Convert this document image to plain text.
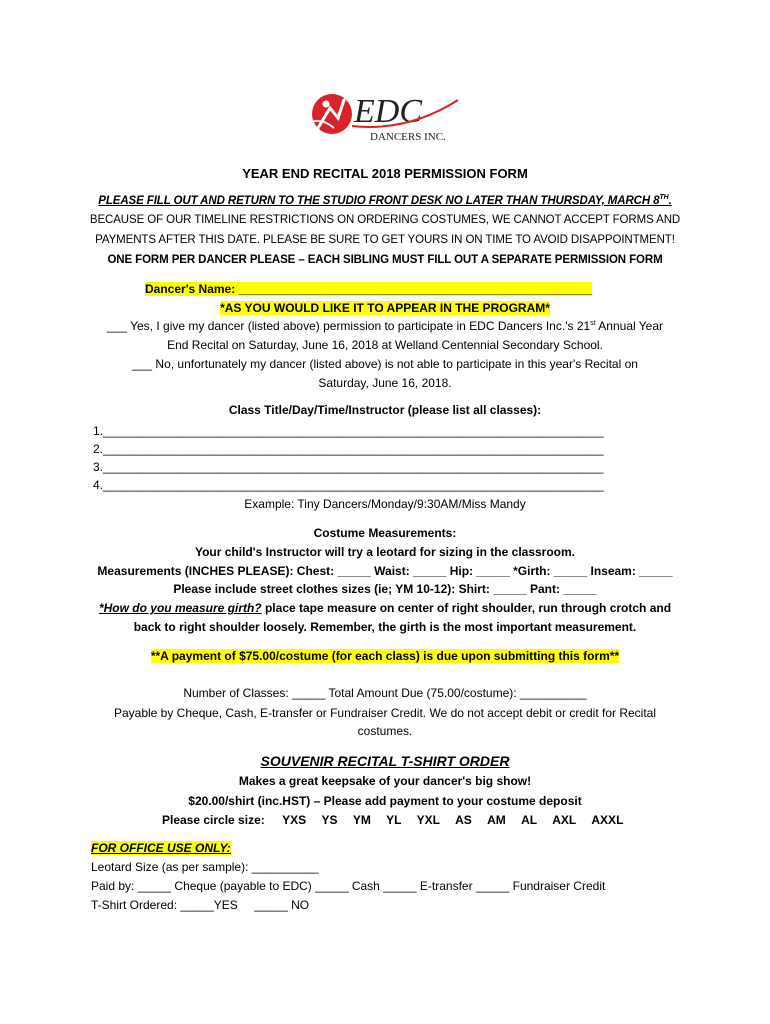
EDC
DANCERS INC.
YEAR END RECITAL 2018 PERMISSION FORM
PLEASE FILL OUT AND RETURN TO THE STUDIO FRONT DESK NO LATER THAN THURSDAY, MARCH 8TH.
BECAUSE OF OUR TIMELINE RESTRICTIONS ON ORDERING COSTUMES, WE CANNOT ACCEPT FORMS AND
PAYMENTS AFTER THIS DATE. PLEASE BE SURE TO GET YOURS IN ON TIME TO AVOID DISAPPOINTMENT!
ONE FORM PER DANCER PLEASE – EACH SIBLING MUST FILL OUT A SEPARATE PERMISSION FORM
Dancer's Name: _____________________________________________________
*AS YOU WOULD LIKE IT TO APPEAR IN THE PROGRAM*
___ Yes, I give my dancer (listed above) permission to participate in EDC Dancers Inc.'s 21st Annual Year
End Recital on Saturday, June 16, 2018 at Welland Centennial Secondary School.
___ No, unfortunately my dancer (listed above) is not able to participate in this year's Recital on
Saturday, June 16, 2018.
Class Title/Day/Time/Instructor (please list all classes):
1.___________________________________________________________________________
2.___________________________________________________________________________
3.___________________________________________________________________________
4.___________________________________________________________________________
Example: Tiny Dancers/Monday/9:30AM/Miss Mandy
Costume Measurements:
Your child's Instructor will try a leotard for sizing in the classroom.
Measurements (INCHES PLEASE): Chest: _____ Waist: _____ Hip: _____ *Girth: _____ Inseam: _____
Please include street clothes sizes (ie; YM 10-12): Shirt: _____ Pant: _____
*How do you measure girth? place tape measure on center of right shoulder, run through crotch and
back to right shoulder loosely. Remember, the girth is the most important measurement.
**A payment of $75.00/costume (for each class) is due upon submitting this form**
Number of Classes: _____ Total Amount Due (75.00/costume): __________
Payable by Cheque, Cash, E-transfer or Fundraiser Credit. We do not accept debit or credit for Recital
costumes.
SOUVENIR RECITAL T-SHIRT ORDER
Makes a great keepsake of your dancer's big show!
$20.00/shirt (inc.HST) – Please add payment to your costume deposit
Please circle size: YXS YS YM YL YXL AS AM AL AXL AXXL
FOR OFFICE USE ONLY:
Leotard Size (as per sample): __________
Paid by: _____ Cheque (payable to EDC) _____ Cash _____ E-transfer _____ Fundraiser Credit
T-Shirt Ordered: _____YES     _____ NO
